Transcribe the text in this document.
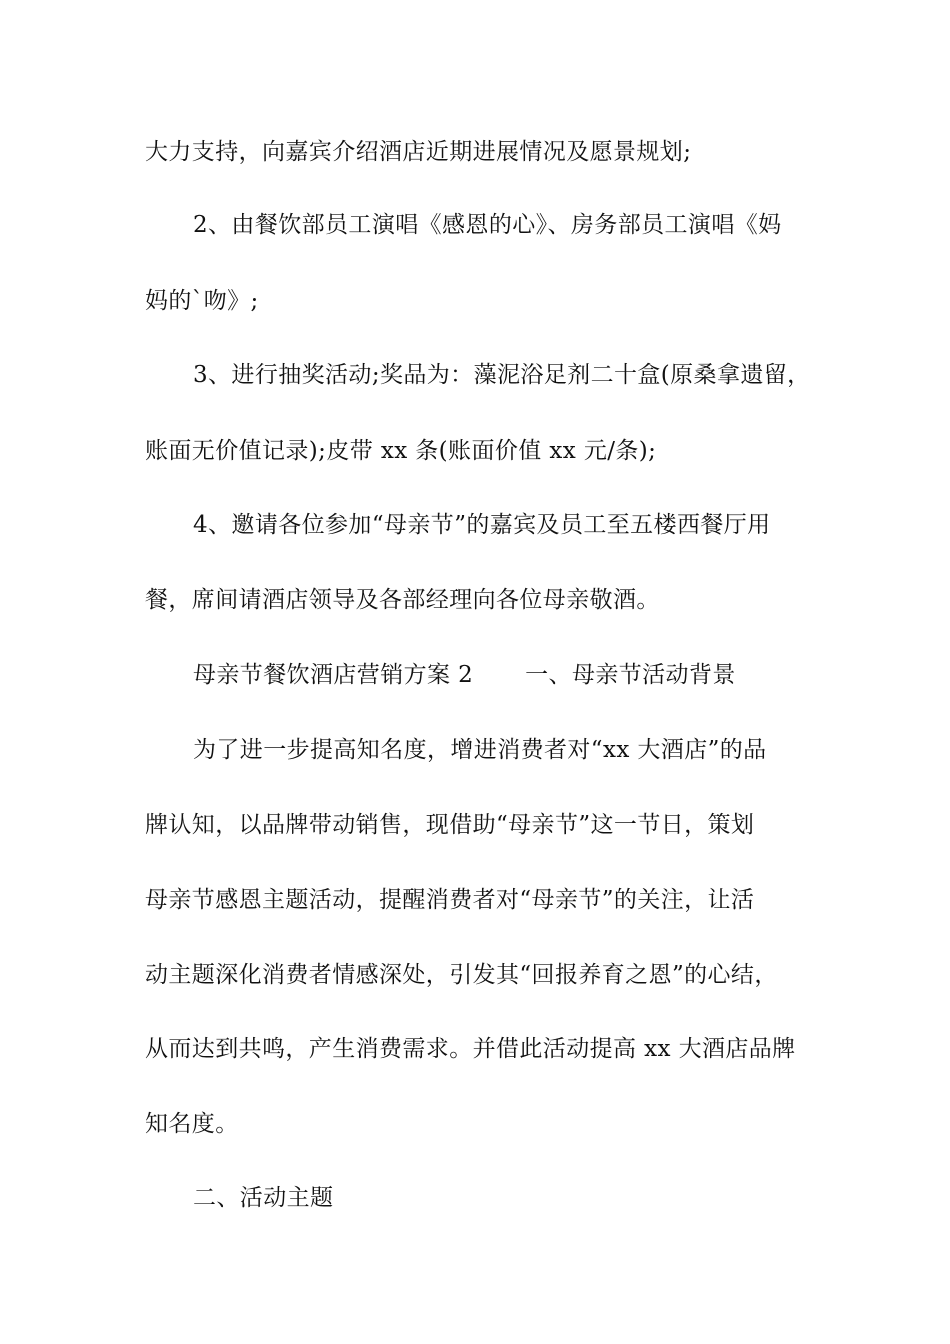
大力支持，向嘉宾介绍酒店近期进展情况及愿景规划;
2、由餐饮部员工演唱《感恩的心》、房务部员工演唱《妈
妈的`吻》;
3、进行抽奖活动;奖品为：藻泥浴足剂二十盒(原桑拿遗留，
账面无价值记录);皮带 xx 条(账面价值 xx 元/条);
4、邀请各位参加“母亲节”的嘉宾及员工至五楼西餐厅用
餐，席间请酒店领导及各部经理向各位母亲敬酒。
母亲节餐饮酒店营销方案 2 一、母亲节活动背景
为了进一步提高知名度，增进消费者对“xx 大酒店”的品
牌认知，以品牌带动销售，现借助“母亲节”这一节日，策划
母亲节感恩主题活动，提醒消费者对“母亲节”的关注，让活
动主题深化消费者情感深处，引发其“回报养育之恩”的心结，
从而达到共鸣，产生消费需求。并借此活动提高 xx 大酒店品牌
知名度。
二、活动主题
